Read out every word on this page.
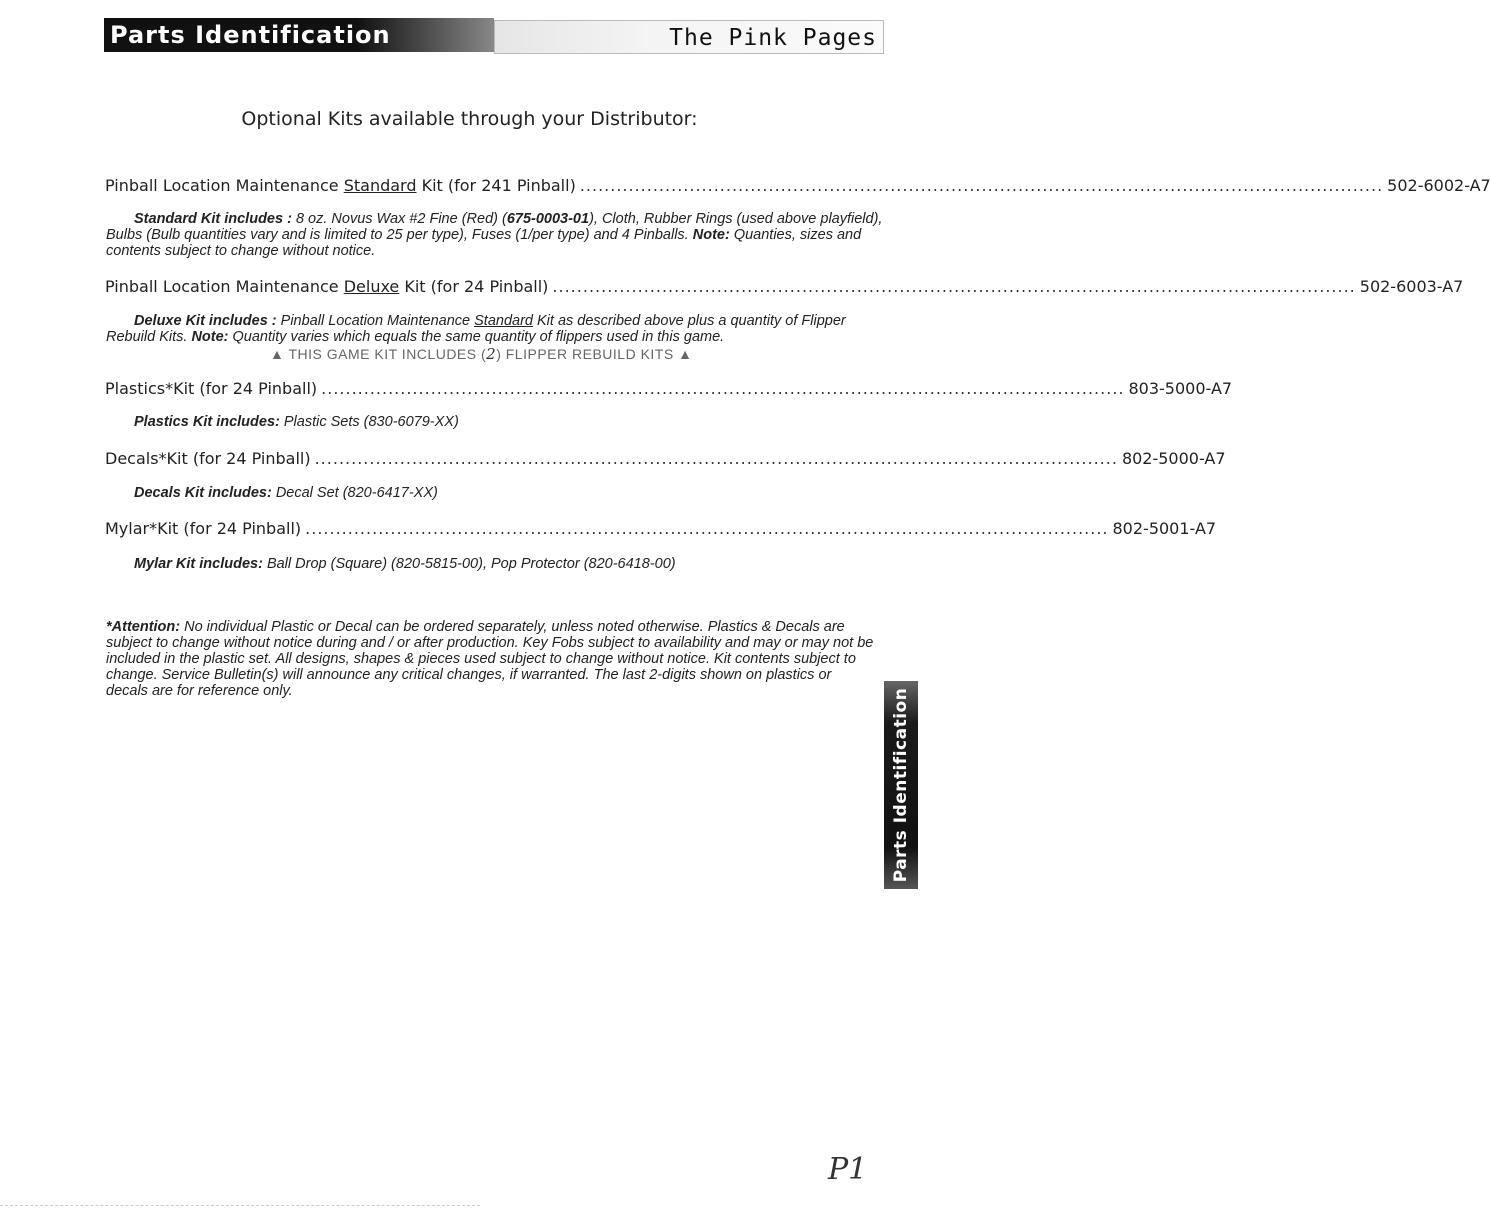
Parts Identification	The Pink Pages
Optional Kits available through your Distributor:
Pinball Location Maintenance Standard Kit (for 241 Pinball) .................................................................................................................................... 502-6002-A7
Standard Kit includes : 8 oz. Novus Wax #2 Fine (Red) (675-0003-01), Cloth, Rubber Rings (used above playfield), Bulbs (Bulb quantities vary and is limited to 25 per type), Fuses (1/per type) and 4 Pinballs. Note: Quanties, sizes and contents subject to change without notice.
Pinball Location Maintenance Deluxe Kit (for 24 Pinball) .................................................................................................................................... 502-6003-A7
Deluxe Kit includes : Pinball Location Maintenance Standard Kit as described above plus a quantity of Flipper Rebuild Kits. Note: Quantity varies which equals the same quantity of flippers used in this game.
▲ THIS GAME KIT INCLUDES (2) FLIPPER REBUILD KITS ▲
Plastics*Kit (for 24 Pinball) .................................................................................................................................... 803-5000-A7
Plastics Kit includes: Plastic Sets (830-6079-XX)
Decals*Kit (for 24 Pinball) .................................................................................................................................... 802-5000-A7
Decals Kit includes: Decal Set (820-6417-XX)
Mylar*Kit (for 24 Pinball) .................................................................................................................................... 802-5001-A7
Mylar Kit includes: Ball Drop (Square) (820-5815-00), Pop Protector (820-6418-00)
*Attention: No individual Plastic or Decal can be ordered separately, unless noted otherwise. Plastics & Decals are subject to change without notice during and / or after production. Key Fobs subject to availability and may or may not be included in the plastic set. All designs, shapes & pieces used subject to change without notice. Kit contents subject to change. Service Bulletin(s) will announce any critical changes, if warranted. The last 2-digits shown on plastics or decals are for reference only.	Parts Identification
P1
